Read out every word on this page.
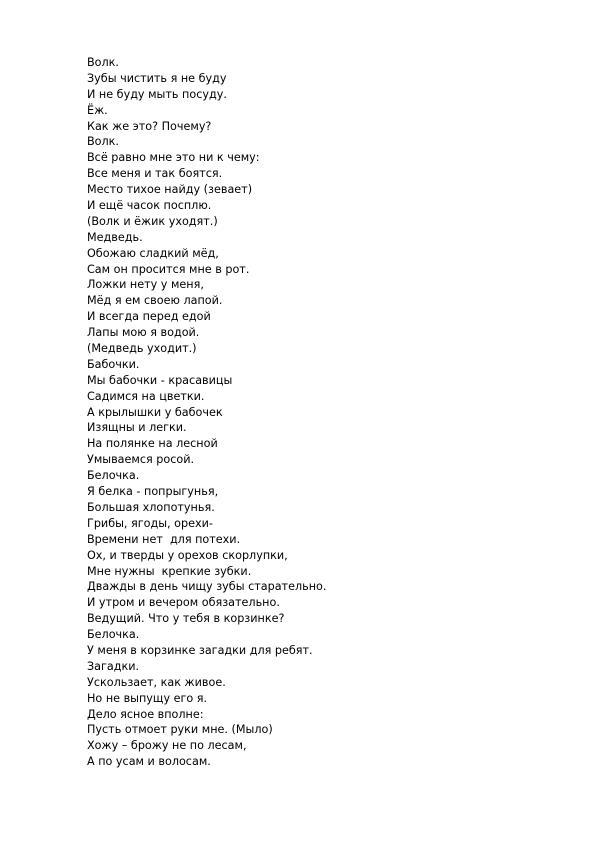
Волк.
Зубы чистить я не буду
И не буду мыть посуду.
Ёж.
Как же это? Почему?
Волк.
Всё равно мне это ни к чему:
Все меня и так боятся.
Место тихое найду (зевает)
И ещё часок посплю.
(Волк и ёжик уходят.)
Медведь.
Обожаю сладкий мёд,
Сам он просится мне в рот.
Ложки нету у меня,
Мёд я ем своею лапой.
И всегда перед едой
Лапы мою я водой.
(Медведь уходит.)
Бабочки.
Мы бабочки - красавицы
Садимся на цветки.
А крылышки у бабочек
Изящны и легки.
На полянке на лесной
Умываемся росой.
Белочка.
Я белка - попрыгунья,
Большая хлопотунья.
Грибы, ягоды, орехи-
Времени нет  для потехи.
Ох, и тверды у орехов скорлупки,
Мне нужны  крепкие зубки.
Дважды в день чищу зубы старательно.
И утром и вечером обязательно.
Ведущий. Что у тебя в корзинке?
Белочка.
У меня в корзинке загадки для ребят.
Загадки.
Ускользает, как живое.
Но не выпущу его я.
Дело ясное вполне:
Пусть отмоет руки мне. (Мыло)
Хожу – брожу не по лесам,
А по усам и волосам.
